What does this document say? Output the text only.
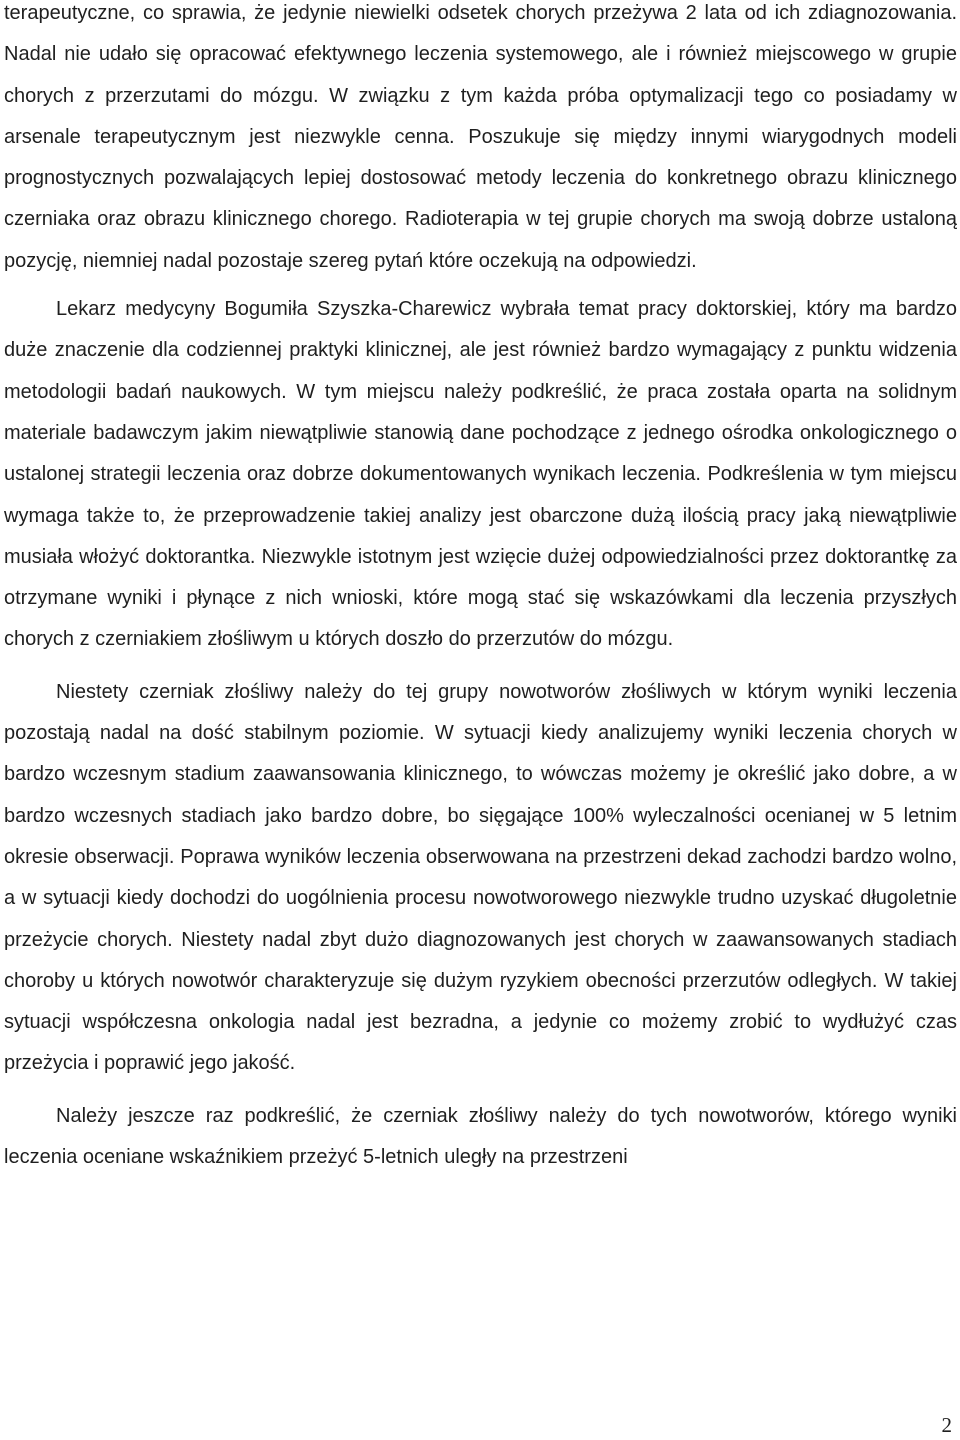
terapeutyczne, co sprawia, że jedynie niewielki odsetek chorych przeżywa 2 lata od ich zdiagnozowania. Nadal nie udało się opracować efektywnego leczenia systemowego, ale i również miejscowego w grupie chorych z przerzutami do mózgu. W związku z tym każda próba optymalizacji tego co posiadamy w arsenale terapeutycznym jest niezwykle cenna. Poszukuje się między innymi wiarygodnych modeli prognostycznych pozwalających lepiej dostosować metody leczenia do konkretnego obrazu klinicznego czerniaka oraz obrazu klinicznego chorego. Radioterapia w tej grupie chorych ma swoją dobrze ustaloną pozycję, niemniej nadal pozostaje szereg pytań które oczekują na odpowiedzi.

Lekarz medycyny Bogumiła Szyszka-Charewicz wybrała temat pracy doktorskiej, który ma bardzo duże znaczenie dla codziennej praktyki klinicznej, ale jest również bardzo wymagający z punktu widzenia metodologii badań naukowych. W tym miejscu należy podkreślić, że praca została oparta na solidnym materiale badawczym jakim niewątpliwie stanowią dane pochodzące z jednego ośrodka onkologicznego o ustalonej strategii leczenia oraz dobrze dokumentowanych wynikach leczenia. Podkreślenia w tym miejscu wymaga także to, że przeprowadzenie takiej analizy jest obarczone dużą ilością pracy jaką niewątpliwie musiała włożyć doktorantka. Niezwykle istotnym jest wzięcie dużej odpowiedzialności przez doktorantkę za otrzymane wyniki i płynące z nich wnioski, które mogą stać się wskazówkami dla leczenia przyszłych chorych z czerniakiem złośliwym u których doszło do przerzutów do mózgu.

Niestety czerniak złośliwy należy do tej grupy nowotworów złośliwych w którym wyniki leczenia pozostają nadal na dość stabilnym poziomie. W sytuacji kiedy analizujemy wyniki leczenia chorych w bardzo wczesnym stadium zaawansowania klinicznego, to wówczas możemy je określić jako dobre, a w bardzo wczesnych stadiach jako bardzo dobre, bo sięgające 100% wyleczalności ocenianej w 5 letnim okresie obserwacji. Poprawa wyników leczenia obserwowana na przestrzeni dekad zachodzi bardzo wolno, a w sytuacji kiedy dochodzi do uogólnienia procesu nowotworowego niezwykle trudno uzyskać długoletnie przeżycie chorych. Niestety nadal zbyt dużo diagnozowanych jest chorych w zaawansowanych stadiach choroby u których nowotwór charakteryzuje się dużym ryzykiem obecności przerzutów odległych. W takiej sytuacji współczesna onkologia nadal jest bezradna, a jedynie co możemy zrobić to wydłużyć czas przeżycia i poprawić jego jakość.

Należy jeszcze raz podkreślić, że czerniak złośliwy należy do tych nowotworów, którego wyniki leczenia oceniane wskaźnikiem przeżyć 5-letnich uległy na przestrzeni

2
